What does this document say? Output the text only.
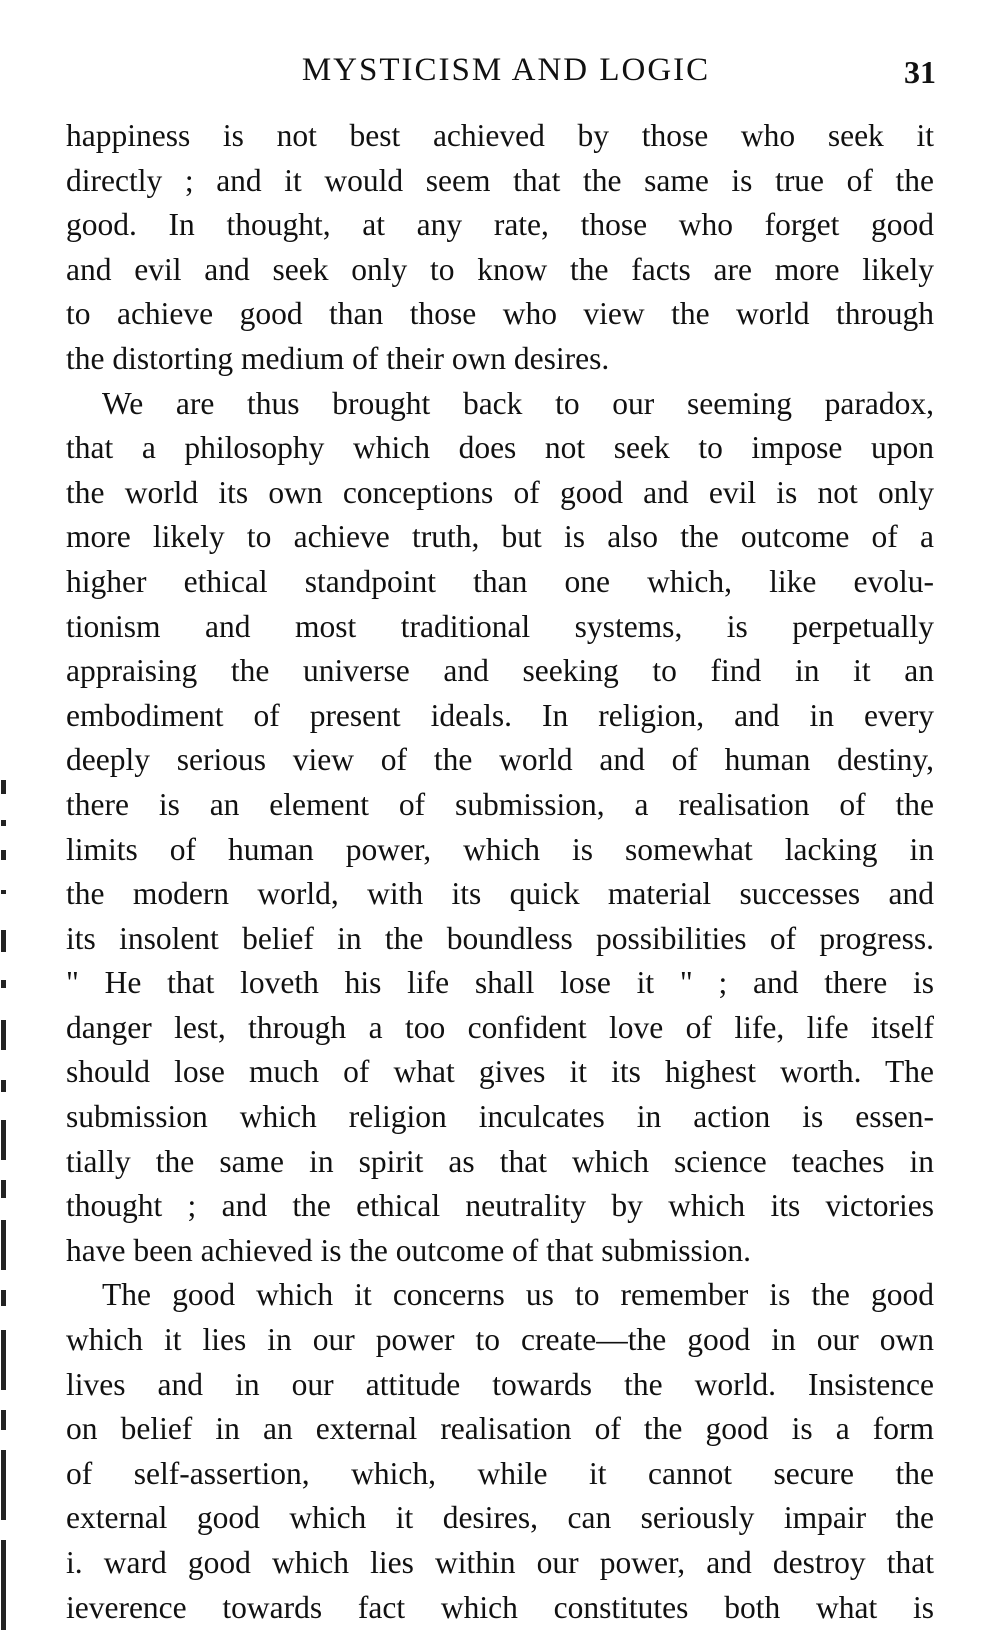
MYSTICISM AND LOGIC	31
happiness is not best achieved by those who seek it
directly ; and it would seem that the same is true of the
good. In thought, at any rate, those who forget good
and evil and seek only to know the facts are more likely
to achieve good than those who view the world through
the distorting medium of their own desires.
We are thus brought back to our seeming paradox,
that a philosophy which does not seek to impose upon
the world its own conceptions of good and evil is not only
more likely to achieve truth, but is also the outcome of a
higher ethical standpoint than one which, like evolu-
tionism and most traditional systems, is perpetually
appraising the universe and seeking to find in it an
embodiment of present ideals. In religion, and in every
deeply serious view of the world and of human destiny,
there is an element of submission, a realisation of the
limits of human power, which is somewhat lacking in
the modern world, with its quick material successes and
its insolent belief in the boundless possibilities of progress.
" He that loveth his life shall lose it " ; and there is
danger lest, through a too confident love of life, life itself
should lose much of what gives it its highest worth. The
submission which religion inculcates in action is essen-
tially the same in spirit as that which science teaches in
thought ; and the ethical neutrality by which its victories
have been achieved is the outcome of that submission.
The good which it concerns us to remember is the good
which it lies in our power to create—the good in our own
lives and in our attitude towards the world. Insistence
on belief in an external realisation of the good is a form
of self-assertion, which, while it cannot secure the
external good which it desires, can seriously impair the
i. ward good which lies within our power, and destroy that
ieverence towards fact which constitutes both what is
